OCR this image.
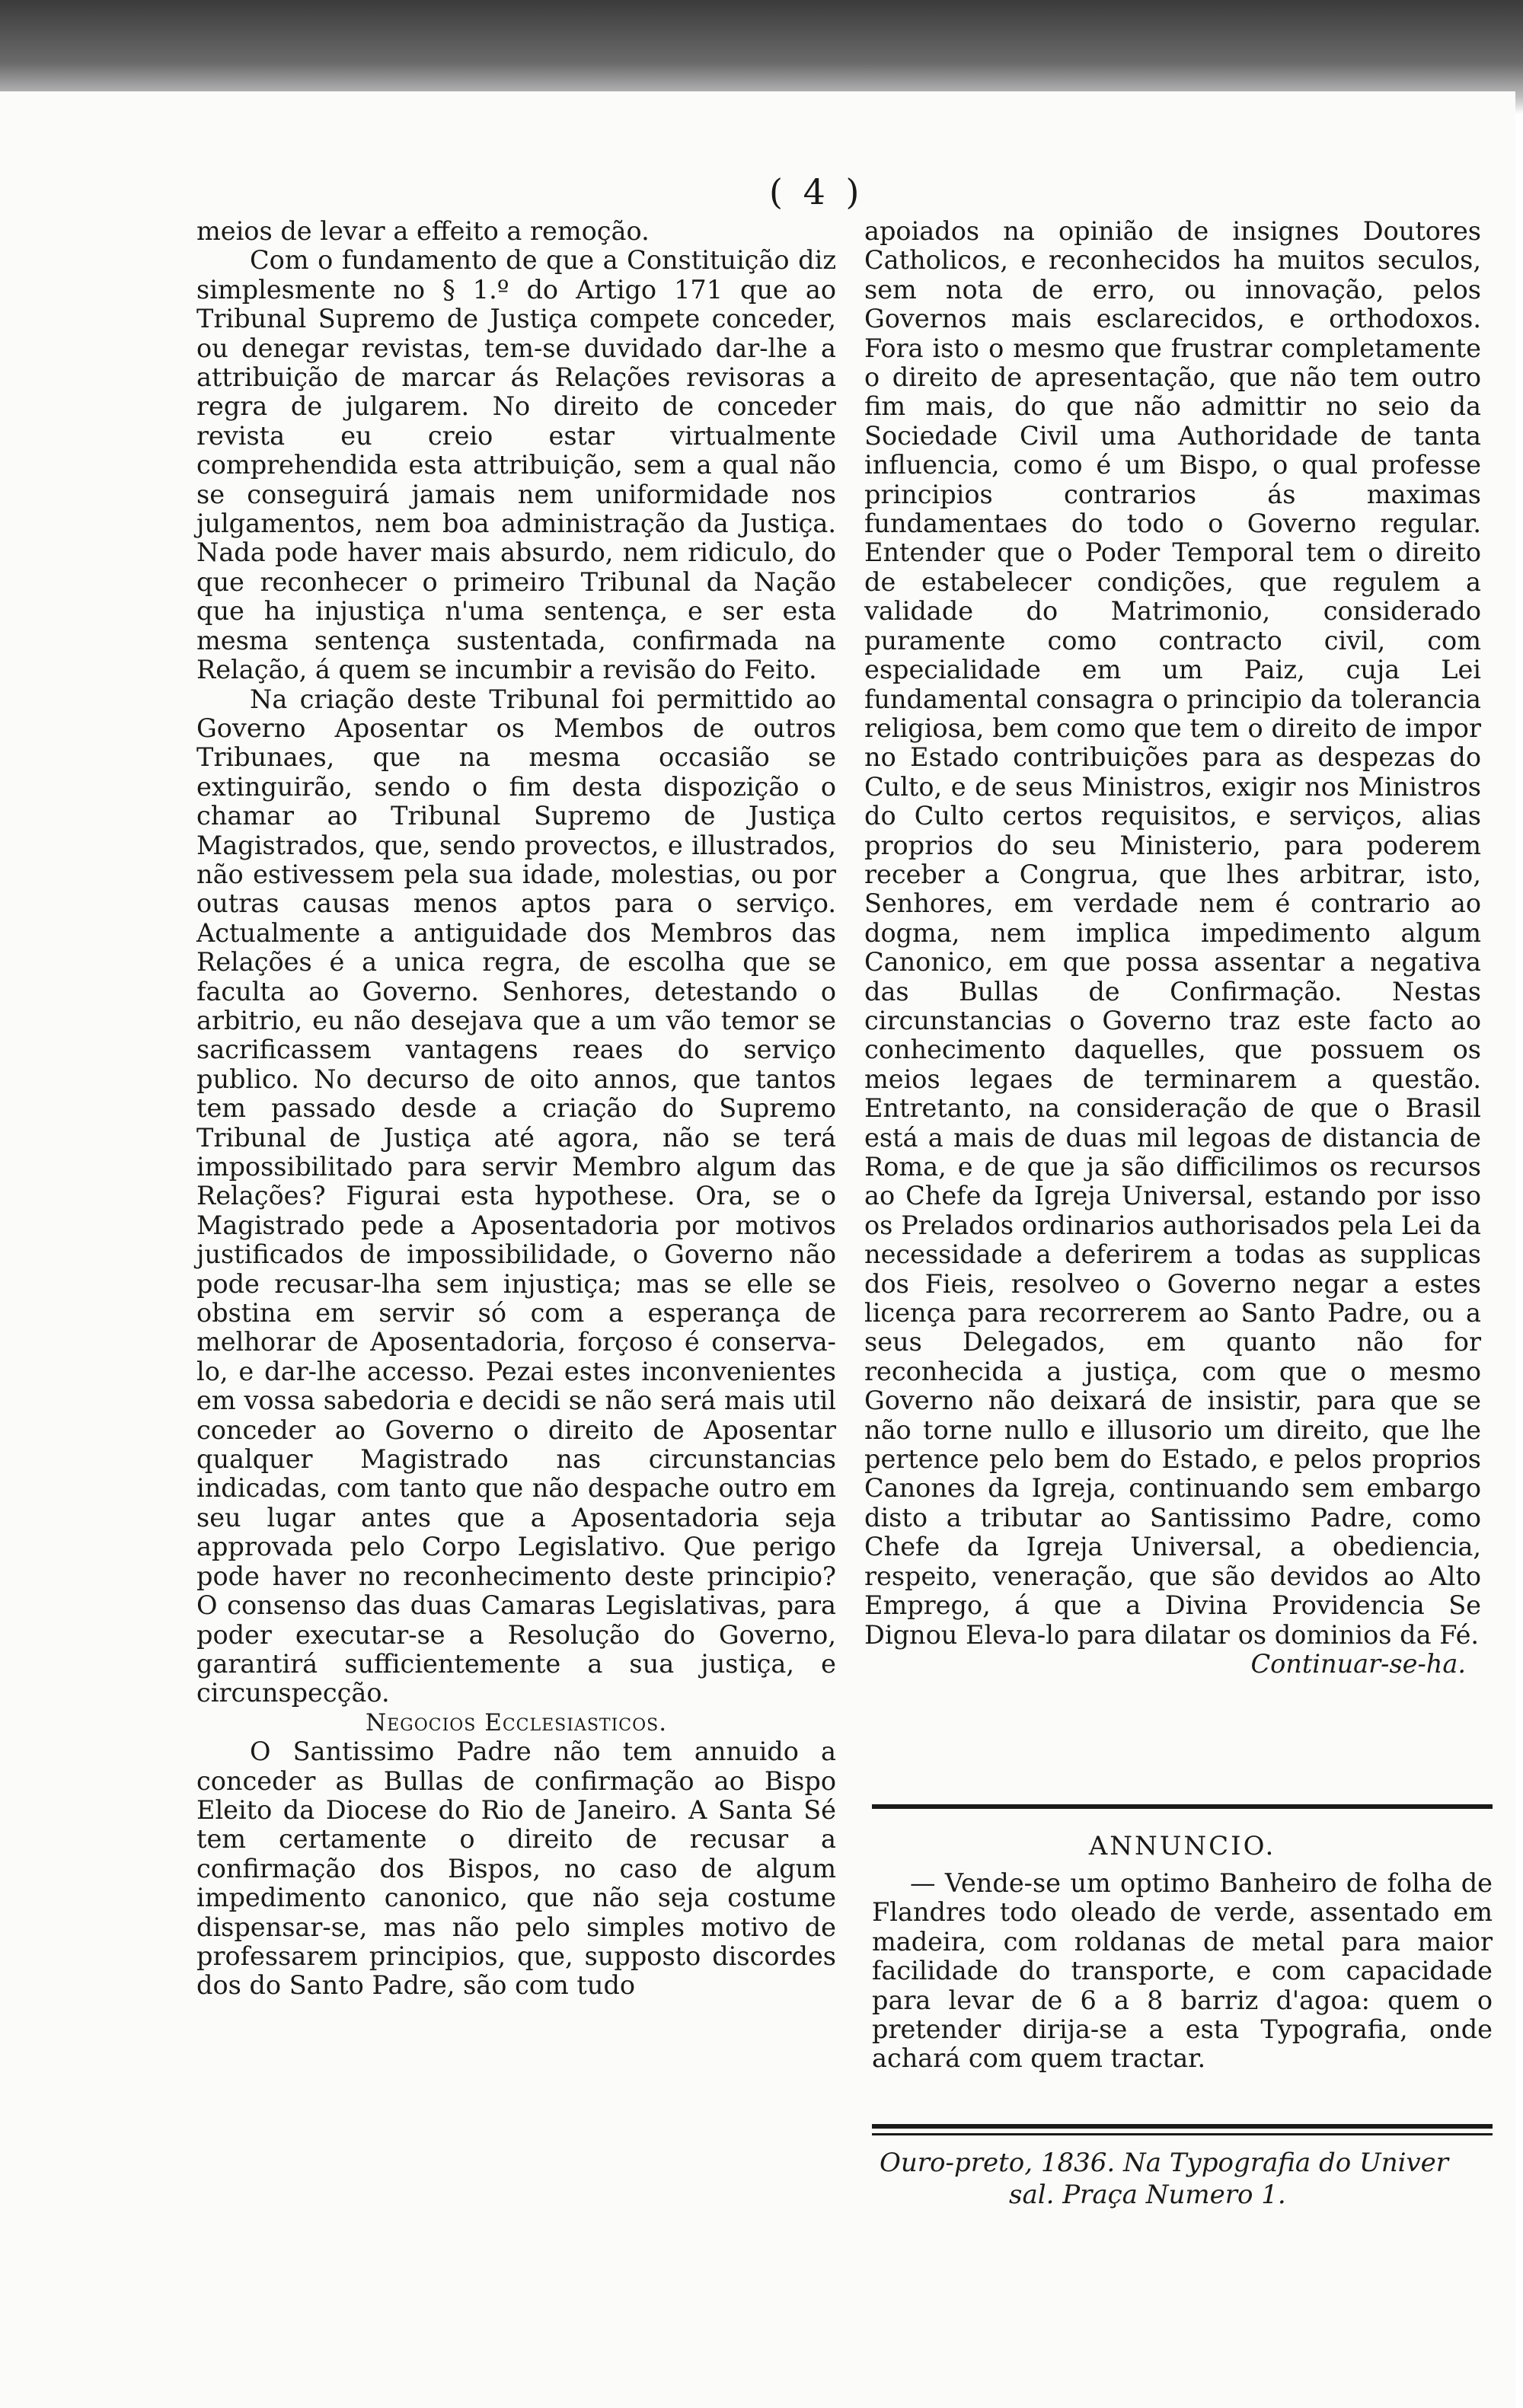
( 4 )

meios de levar a effeito a remoção.

Com o fundamento de que a Constituição diz simplesmente no § 1.º do Artigo 171 que ao Tribunal Supremo de Justiça compete conceder, ou denegar revistas, tem-se duvidado dar-lhe a attribuição de marcar ás Relações revisoras a regra de julgarem. No direito de conceder revista eu creio estar virtualmente comprehendida esta attribuição, sem a qual não se conseguirá jamais nem uniformidade nos julgamentos, nem boa administração da Justiça. Nada pode haver mais absurdo, nem ridiculo, do que reconhecer o primeiro Tribunal da Nação que ha injustiça n'uma sentença, e ser esta mesma sentença sustentada, confirmada na Relação, á quem se incumbir a revisão do Feito.

Na criação deste Tribunal foi permittido ao Governo Aposentar os Membos de outros Tribunaes, que na mesma occasião se extinguirão, sendo o fim desta dispozição o chamar ao Tribunal Supremo de Justiça Magistrados, que, sendo provectos, e illustrados, não estivessem pela sua idade, molestias, ou por outras causas menos aptos para o serviço. Actualmente a antiguidade dos Membros das Relações é a unica regra, de escolha que se faculta ao Governo. Senhores, detestando o arbitrio, eu não desejava que a um vão temor se sacrificassem vantagens reaes do serviço publico. No decurso de oito annos, que tantos tem passado desde a criação do Supremo Tribunal de Justiça até agora, não se terá impossibilitado para servir Membro algum das Relações? Figurai esta hypothese. Ora, se o Magistrado pede a Aposentadoria por motivos justificados de impossibilidade, o Governo não pode recusar-lha sem injustiça; mas se elle se obstina em servir só com a esperança de melhorar de Aposentadoria, forçoso é conserva-lo, e dar-lhe accesso. Pezai estes inconvenientes em vossa sabedoria e decidi se não será mais util conceder ao Governo o direito de Aposentar qualquer Magistrado nas circunstancias indicadas, com tanto que não despache outro em seu lugar antes que a Aposentadoria seja approvada pelo Corpo Legislativo. Que perigo pode haver no reconhecimento deste principio? O consenso das duas Camaras Legislativas, para poder executar-se a Resolução do Governo, garantirá sufficientemente a sua justiça, e circunspecção.

Negocios Ecclesiasticos.

O Santissimo Padre não tem annuido a conceder as Bullas de confirmação ao Bispo Eleito da Diocese do Rio de Janeiro. A Santa Sé tem certamente o direito de recusar a confirmação dos Bispos, no caso de algum impedimento canonico, que não seja costume dispensar-se, mas não pelo simples motivo de professarem principios, que, supposto discordes dos do Santo Padre, são com tudo

apoiados na opinião de insignes Doutores Catholicos, e reconhecidos ha muitos seculos, sem nota de erro, ou innovação, pelos Governos mais esclarecidos, e orthodoxos. Fora isto o mesmo que frustrar completamente o direito de apresentação, que não tem outro fim mais, do que não admittir no seio da Sociedade Civil uma Authoridade de tanta influencia, como é um Bispo, o qual professe principios contrarios ás maximas fundamentaes do todo o Governo regular. Entender que o Poder Temporal tem o direito de estabelecer condições, que regulem a validade do Matrimonio, considerado puramente como contracto civil, com especialidade em um Paiz, cuja Lei fundamental consagra o principio da tolerancia religiosa, bem como que tem o direito de impor no Estado contribuições para as despezas do Culto, e de seus Ministros, exigir nos Ministros do Culto certos requisitos, e serviços, alias proprios do seu Ministerio, para poderem receber a Congrua, que lhes arbitrar, isto, Senhores, em verdade nem é contrario ao dogma, nem implica impedimento algum Canonico, em que possa assentar a negativa das Bullas de Confirmação. Nestas circunstancias o Governo traz este facto ao conhecimento daquelles, que possuem os meios legaes de terminarem a questão. Entretanto, na consideração de que o Brasil está a mais de duas mil legoas de distancia de Roma, e de que ja são difficilimos os recursos ao Chefe da Igreja Universal, estando por isso os Prelados ordinarios authorisados pela Lei da necessidade a deferirem a todas as supplicas dos Fieis, resolveo o Governo negar a estes licença para recorrerem ao Santo Padre, ou a seus Delegados, em quanto não for reconhecida a justiça, com que o mesmo Governo não deixará de insistir, para que se não torne nullo e illusorio um direito, que lhe pertence pelo bem do Estado, e pelos proprios Canones da Igreja, continuando sem embargo disto a tributar ao Santissimo Padre, como Chefe da Igreja Universal, a obediencia, respeito, veneração, que são devidos ao Alto Emprego, á que a Divina Providencia Se Dignou Eleva-lo para dilatar os dominios da Fé.

Continuar-se-ha.

ANNUNCIO.
— Vende-se um optimo Banheiro de folha de Flandres todo oleado de verde, assentado em madeira, com roldanas de metal para maior facilidade do transporte, e com capacidade para levar de 6 a 8 barriz d'agoa: quem o pretender dirija-se a esta Typografia, onde achará com quem tractar.
Ouro-preto, 1836. Na Typografia do Univer
sal. Praça Numero 1.
